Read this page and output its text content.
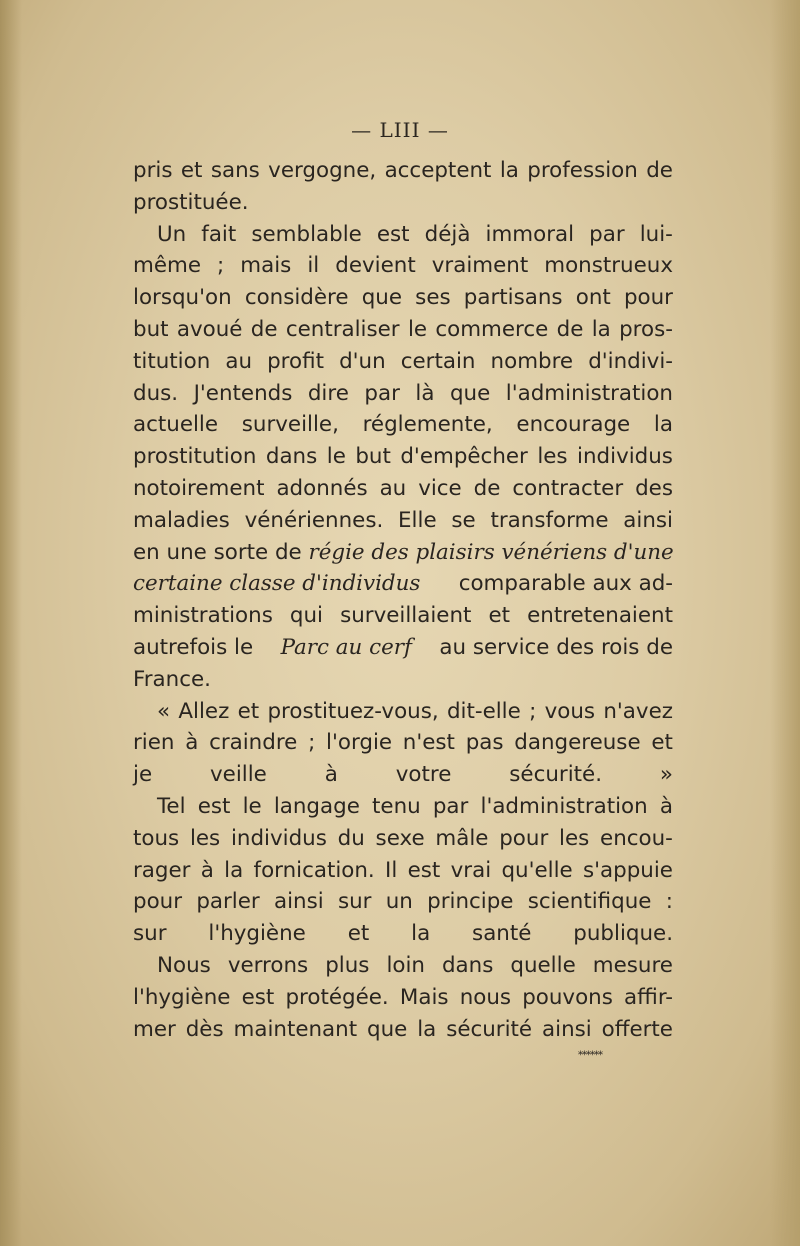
— LIII —
pris et sans vergogne, acceptent la profession de
prostituée.
Un fait semblable est déjà immoral par lui-
même ; mais il devient vraiment monstrueux
lorsqu'on considère que ses partisans ont pour
but avoué de centraliser le commerce de la pros-
titution au profit d'un certain nombre d'indivi-
dus. J'entends dire par là que l'administration
actuelle surveille, réglemente, encourage la
prostitution dans le but d'empêcher les individus
notoirement adonnés au vice de contracter des
maladies vénériennes. Elle se transforme ainsi
en une sorte de régie des plaisirs vénériens d'une
certaine classe d'individus comparable aux ad-
ministrations qui surveillaient et entretenaient
autrefois le Parc au cerf au service des rois de
France.
« Allez et prostituez-vous, dit-elle ; vous n'avez
rien à craindre ; l'orgie n'est pas dangereuse et
je veille à votre sécurité. »
Tel est le langage tenu par l'administration à
tous les individus du sexe mâle pour les encou-
rager à la fornication. Il est vrai qu'elle s'appuie
pour parler ainsi sur un principe scientifique :
sur l'hygiène et la santé publique.
Nous verrons plus loin dans quelle mesure
l'hygiène est protégée. Mais nous pouvons affir-
mer dès maintenant que la sécurité ainsi offerte
******
